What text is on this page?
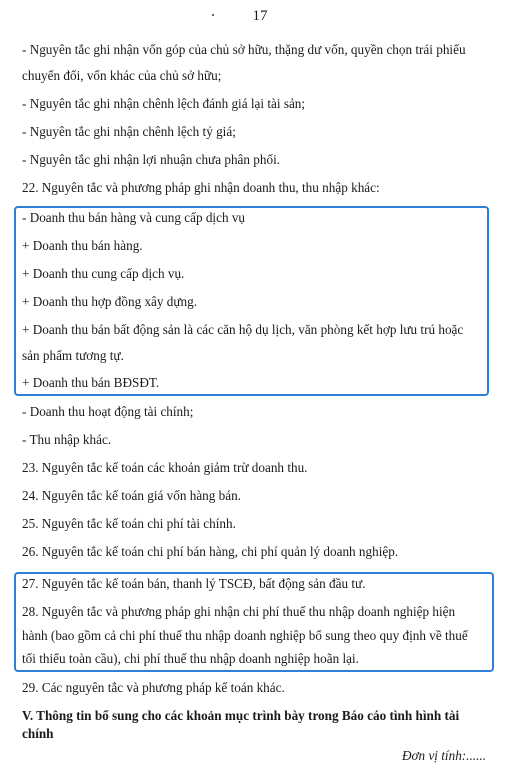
17
- Nguyên tắc ghi nhận vốn góp của chủ sở hữu, thặng dư vốn, quyền chọn trái phiếu
chuyển đổi, vốn khác của chủ sở hữu;
- Nguyên tắc ghi nhận chênh lệch đánh giá lại tài sản;
- Nguyên tắc ghi nhận chênh lệch tỷ giá;
- Nguyên tắc ghi nhận lợi nhuận chưa phân phối.
22. Nguyên tắc và phương pháp ghi nhận doanh thu, thu nhập khác:
- Doanh thu bán hàng và cung cấp dịch vụ
+ Doanh thu bán hàng.
+ Doanh thu cung cấp dịch vụ.
+ Doanh thu hợp đồng xây dựng.
+ Doanh thu bán bất động sản là các căn hộ dụ lịch, văn phòng kết hợp lưu trú hoặc
sản phẩm tương tự.
+ Doanh thu bán BĐSĐT.
- Doanh thu hoạt động tài chính;
- Thu nhập khác.
23. Nguyên tắc kế toán các khoản giảm trừ doanh thu.
24. Nguyên tắc kế toán giá vốn hàng bán.
25. Nguyên tắc kế toán chi phí tài chính.
26. Nguyên tắc kế toán chi phí bán hàng, chi phí quản lý doanh nghiệp.
27. Nguyên tắc kế toán bán, thanh lý TSCĐ, bất động sản đầu tư.
28. Nguyên tắc và phương pháp ghi nhận chi phí thuế thu nhập doanh nghiệp hiện
hành (bao gồm cả chi phí thuế thu nhập doanh nghiệp bổ sung theo quy định về thuế
tối thiểu toàn cầu), chi phí thuế thu nhập doanh nghiệp hoãn lại.
29. Các nguyên tắc và phương pháp kế toán khác.
V. Thông tin bổ sung cho các khoản mục trình bày trong Báo cáo tình hình tài
chính
Đơn vị tính:......
